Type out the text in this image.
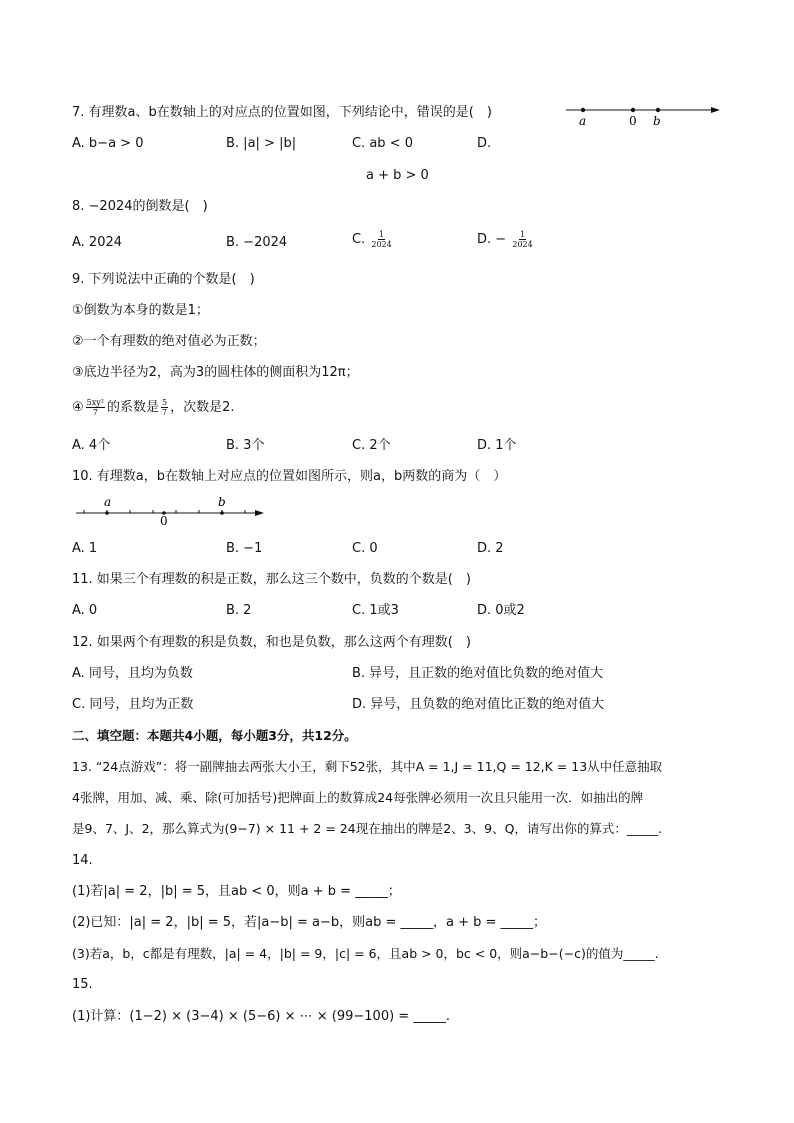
7. 有理数a、b在数轴上的对应点的位置如图，下列结论中，错误的是(　)
a	0 b
A. b−a > 0	B. |a| > |b|	C. ab < 0	D.
a + b > 0
8. −2024的倒数是(　)
A. 2024	B. −2024	C. $\frac{1}{2024}$	D. − $\frac{1}{2024}$
9. 下列说法中正确的个数是(　)
①倒数为本身的数是1；
②一个有理数的绝对值必为正数；
③底边半径为2，高为3的圆柱体的侧面积为12π；
④ $\frac{\text{5xy²}}{7}$ 的系数是 $\frac{5}{7}$ ，次数是2.
A. 4个	B. 3个	C. 2个	D. 1个
10. 有理数a，b在数轴上对应点的位置如图所示，则a，b两数的商为（　）
a
0
b
A. 1	B. −1	C. 0	D. 2
11. 如果三个有理数的积是正数，那么这三个数中，负数的个数是(　)
A. 0	B. 2	C. 1或3	D. 0或2
12. 如果两个有理数的积是负数，和也是负数，那么这两个有理数(　)
A. 同号，且均为负数	B. 异号，且正数的绝对值比负数的绝对值大
C. 同号，且均为正数	D. 异号，且负数的绝对值比正数的绝对值大
二、填空题：本题共4小题，每小题3分，共12分。
13. “24点游戏”：将一副牌抽去两张大小王，剩下52张，其中A = 1,J = 11,Q = 12,K = 13从中任意抽取
4张牌，用加、减、乘、除(可加括号)把牌面上的数算成24每张牌必须用一次且只能用一次．如抽出的牌
是9、7、J、2，那么算式为(9−7) × 11 + 2 = 24现在抽出的牌是2、3、9、Q，请写出你的算式：_____.
14.
(1)若|a| = 2，|b| = 5，且ab < 0，则a + b = _____；
(2)已知：|a| = 2，|b| = 5，若|a−b| = a−b，则ab = _____，a + b = _____；
(3)若a，b，c都是有理数，|a| = 4，|b| = 9，|c| = 6，且ab > 0，bc < 0，则a−b−(−c)的值为_____.
15.
(1)计算：(1−2) × (3−4) × (5−6) × ⋯ × (99−100) = _____.
